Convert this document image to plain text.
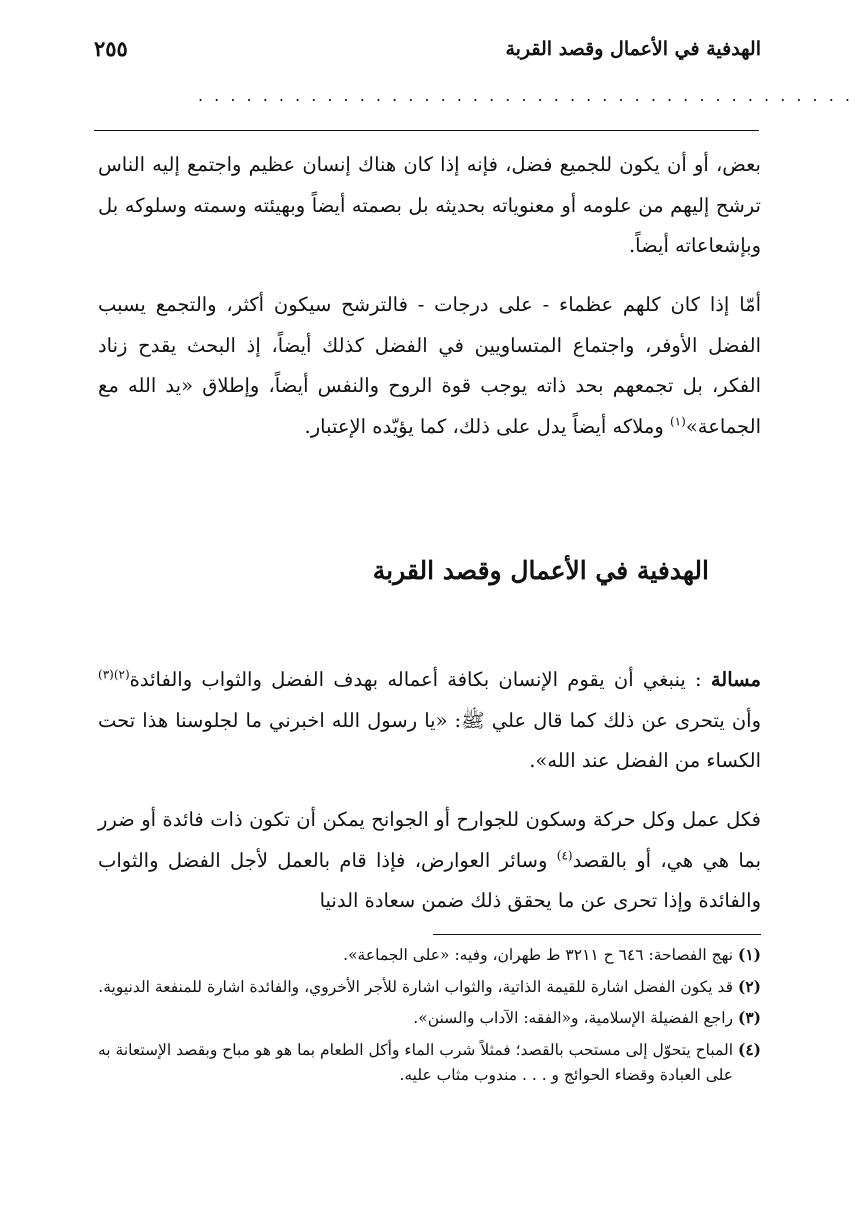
الهدفية في الأعمال وقصد القربة
٢٥٥
. . . . . . . . . . . . . . . . . . . . . . . . . . . . . . . . . . . . . . . . .

بعض، أو أن يكون للجميع فضل، فإنه إذا كان هناك إنسان عظيم واجتمع إليه الناس ترشح إليهم من علومه أو معنوياته بحديثه بل بصمته أيضاً وبهيئته وسمته وسلوكه بل وبإشعاعاته أيضاً.

أمّا إذا كان كلهم عظماء - على درجات - فالترشح سيكون أكثر، والتجمع يسبب الفضل الأوفر، واجتماع المتساويين في الفضل كذلك أيضاً، إذ البحث يقدح زناد الفكر، بل تجمعهم بحد ذاته يوجب قوة الروح والنفس أيضاً، وإطلاق «يد الله مع الجماعة»$^{(١)}$ وملاكه أيضاً يدل على ذلك، كما يؤيّده الإعتبار.

الهدفية في الأعمال وقصد القربة

مسالة : ينبغي أن يقوم الإنسان بكافة أعماله بهدف الفضل والثواب والفائدة$^{(٢)(٣)}$ وأن يتحرى عن ذلك كما قال علي ﷺ: «يا رسول الله اخبرني ما لجلوسنا هذا تحت الكساء من الفضل عند الله».

فكل عمل وكل حركة وسكون للجوارح أو الجوانح يمكن أن تكون ذات فائدة أو ضرر بما هي هي، أو بالقصد$^{(٤)}$ وسائر العوارض، فإذا قام بالعمل لأجل الفضل والثواب والفائدة وإذا تحرى عن ما يحقق ذلك ضمن سعادة الدنيا

(١) نهج الفصاحة: ٦٤٦ ح ٣٢١١ ط طهران، وفيه: «على الجماعة».

(٢) قد يكون الفضل اشارة للقيمة الذاتية، والثواب اشارة للأجر الأخروي، والفائدة اشارة للمنفعة الدنيوية.

(٣) راجع الفضيلة الإسلامية، و«الفقه: الآداب والسنن».

(٤) المباح يتحوّل إلى مستحب بالقصد؛ فمثلاً شرب الماء وأكل الطعام بما هو هو مباح وبقصد الإستعانة به على العبادة وقضاء الحوائج و . . . مندوب مثاب عليه.
